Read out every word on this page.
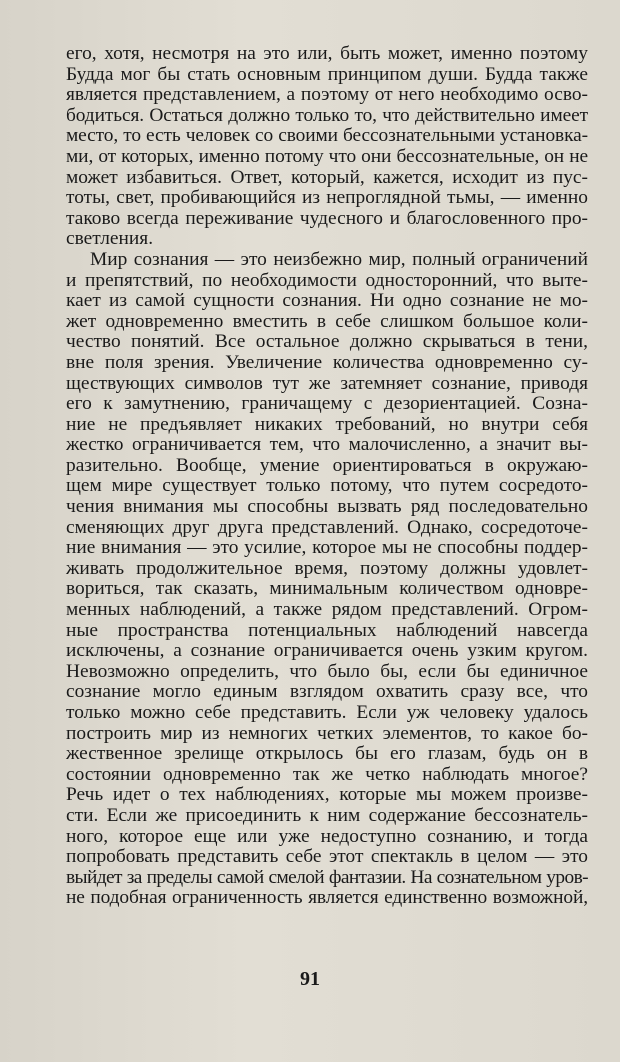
его, хотя, несмотря на это или, быть может, именно поэтому
Будда мог бы стать основным принципом души. Будда также
является представлением, а поэтому от него необходимо осво-
бодиться. Остаться должно только то, что действительно имеет
место, то есть человек со своими бессознательными установка-
ми, от которых, именно потому что они бессознательные, он не
может избавиться. Ответ, который, кажется, исходит из пус-
тоты, свет, пробивающийся из непроглядной тьмы, — именно
таково всегда переживание чудесного и благословенного про-
светления.
Мир сознания — это неизбежно мир, полный ограничений
и препятствий, по необходимости односторонний, что выте-
кает из самой сущности сознания. Ни одно сознание не мо-
жет одновременно вместить в себе слишком большое коли-
чество понятий. Все остальное должно скрываться в тени,
вне поля зрения. Увеличение количества одновременно су-
ществующих символов тут же затемняет сознание, приводя
его к замутнению, граничащему с дезориентацией. Созна-
ние не предъявляет никаких требований, но внутри себя
жестко ограничивается тем, что малочисленно, а значит вы-
разительно. Вообще, умение ориентироваться в окружаю-
щем мире существует только потому, что путем сосредото-
чения внимания мы способны вызвать ряд последовательно
сменяющих друг друга представлений. Однако, сосредоточе-
ние внимания — это усилие, которое мы не способны поддер-
живать продолжительное время, поэтому должны удовлет-
вориться, так сказать, минимальным количеством одновре-
менных наблюдений, а также рядом представлений. Огром-
ные пространства потенциальных наблюдений навсегда
исключены, а сознание ограничивается очень узким кругом.
Невозможно определить, что было бы, если бы единичное
сознание могло единым взглядом охватить сразу все, что
только можно себе представить. Если уж человеку удалось
построить мир из немногих четких элементов, то какое бо-
жественное зрелище открылось бы его глазам, будь он в
состоянии одновременно так же четко наблюдать многое?
Речь идет о тех наблюдениях, которые мы можем произве-
сти. Если же присоединить к ним содержание бессознатель-
ного, которое еще или уже недоступно сознанию, и тогда
попробовать представить себе этот спектакль в целом — это
выйдет за пределы самой смелой фантазии. На сознательном уров-
не подобная ограниченность является единственно возможной,
91
